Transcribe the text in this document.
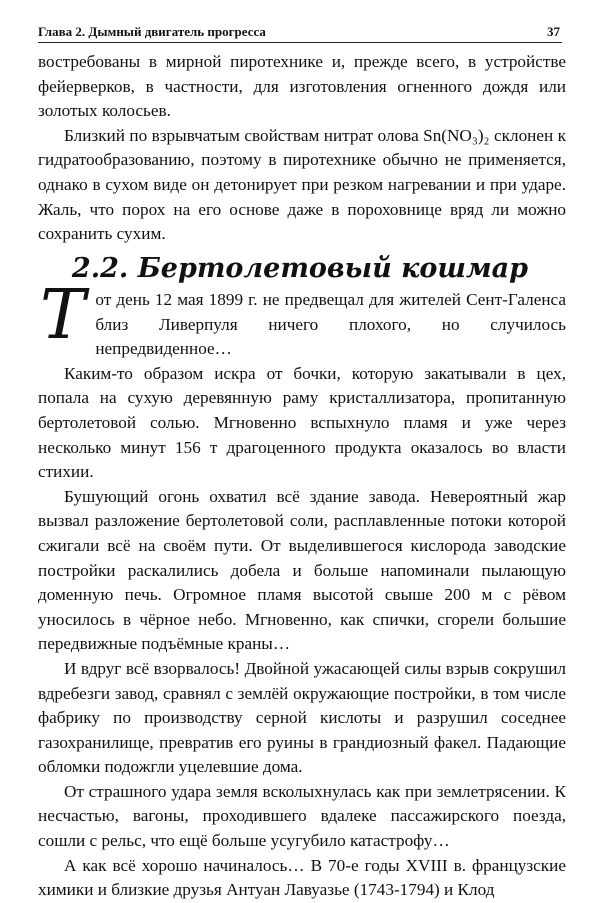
Глава 2. Дымный двигатель прогресса	37

востребованы в мирной пиротехнике и, прежде всего, в устройстве фейерверков, в частности, для изготовления огненного дождя или золотых колосьев.

Близкий по взрывчатым свойствам нитрат олова Sn(NO₃)₂ склонен к гидратообразованию, поэтому в пиротехнике обычно не применяется, однако в сухом виде он детонирует при резком нагревании и при ударе. Жаль, что порох на его основе даже в пороховнице вряд ли можно сохранить сухим.

2.2. Бертолетовый кошмар

Тот день 12 мая 1899 г. не предвещал для жителей Сент-Галенса близ Ливерпуля ничего плохого, но случилось непредвиденное…

Каким-то образом искра от бочки, которую закатывали в цех, попала на сухую деревянную раму кристаллизатора, пропитанную бертолетовой солью. Мгновенно вспыхнуло пламя и уже через несколько минут 156 т драгоценного продукта оказалось во власти стихии.

Бушующий огонь охватил всё здание завода. Невероятный жар вызвал разложение бертолетовой соли, расплавленные потоки которой сжигали всё на своём пути. От выделившегося кислорода заводские постройки раскалились добела и больше напоминали пылающую доменную печь. Огромное пламя высотой свыше 200 м с рёвом уносилось в чёрное небо. Мгновенно, как спички, сгорели большие передвижные подъёмные краны…

И вдруг всё взорвалось! Двойной ужасающей силы взрыв сокрушил вдребезги завод, сравнял с землёй окружающие постройки, в том числе фабрику по производству серной кислоты и разрушил соседнее газохранилище, превратив его руины в грандиозный факел. Падающие обломки подожгли уцелевшие дома.

От страшного удара земля всколыхнулась как при землетрясении. К несчастью, вагоны, проходившего вдалеке пассажирского поезда, сошли с рельс, что ещё больше усугубило катастрофу…

А как всё хорошо начиналось… В 70-е годы XVIII в. французские химики и близкие друзья Антуан Лавуазье (1743-1794) и Клод
